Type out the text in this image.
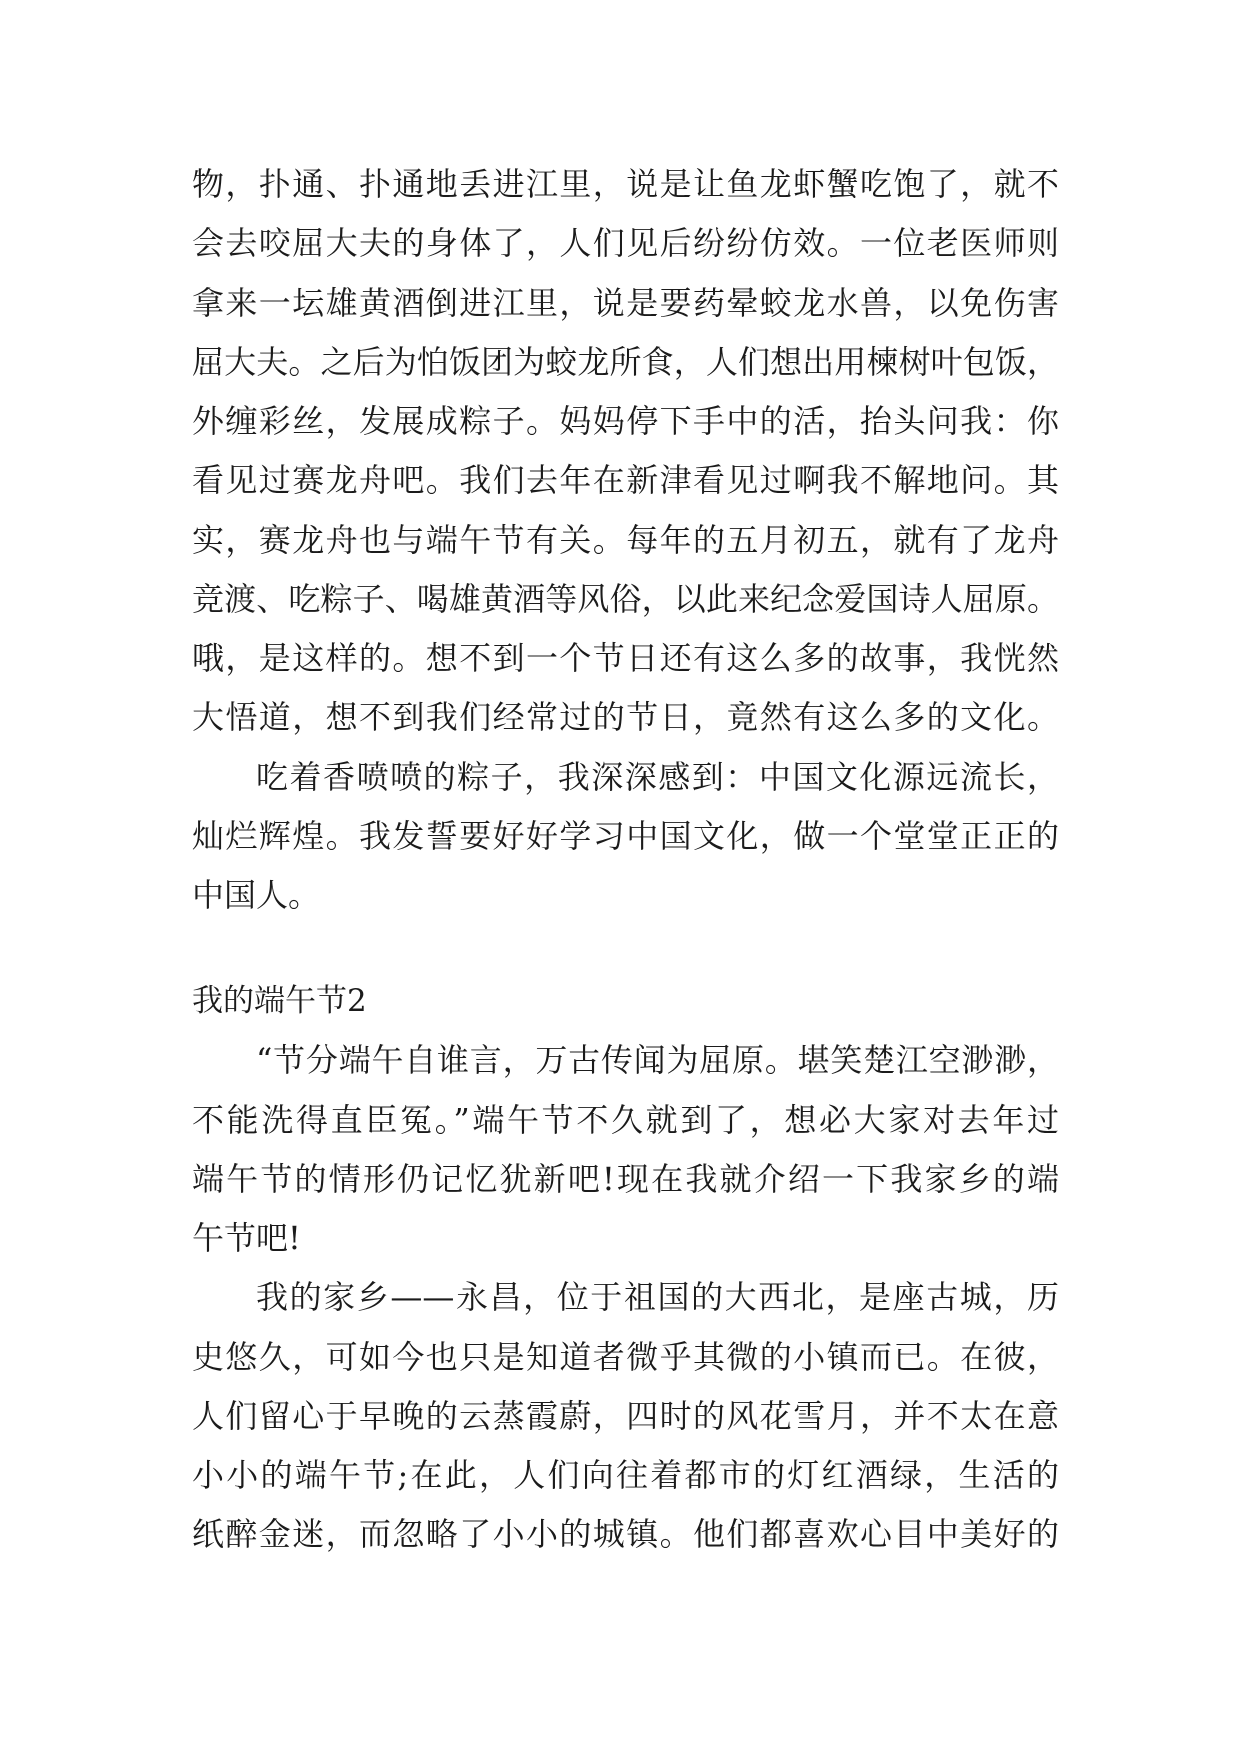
物，扑通、扑通地丢进江里，说是让鱼龙虾蟹吃饱了，就不
会去咬屈大夫的身体了，人们见后纷纷仿效。一位老医师则
拿来一坛雄黄酒倒进江里，说是要药晕蛟龙水兽，以免伤害
屈大夫。之后为怕饭团为蛟龙所食，人们想出用楝树叶包饭，
外缠彩丝，发展成粽子。妈妈停下手中的活，抬头问我：你
看见过赛龙舟吧。我们去年在新津看见过啊我不解地问。其
实，赛龙舟也与端午节有关。每年的五月初五，就有了龙舟
竞渡、吃粽子、喝雄黄酒等风俗，以此来纪念爱国诗人屈原。
哦，是这样的。想不到一个节日还有这么多的故事，我恍然
大悟道，想不到我们经常过的节日，竟然有这么多的文化。
吃着香喷喷的粽子，我深深感到：中国文化源远流长，
灿烂辉煌。我发誓要好好学习中国文化，做一个堂堂正正的
中国人。
我的端午节2
“节分端午自谁言，万古传闻为屈原。堪笑楚江空渺渺，
不能洗得直臣冤。”端午节不久就到了，想必大家对去年过
端午节的情形仍记忆犹新吧!现在我就介绍一下我家乡的端
午节吧!
我的家乡——永昌，位于祖国的大西北，是座古城，历
史悠久，可如今也只是知道者微乎其微的小镇而已。在彼，
人们留心于早晚的云蒸霞蔚，四时的风花雪月，并不太在意
小小的端午节;在此，人们向往着都市的灯红酒绿，生活的
纸醉金迷，而忽略了小小的城镇。他们都喜欢心目中美好的
